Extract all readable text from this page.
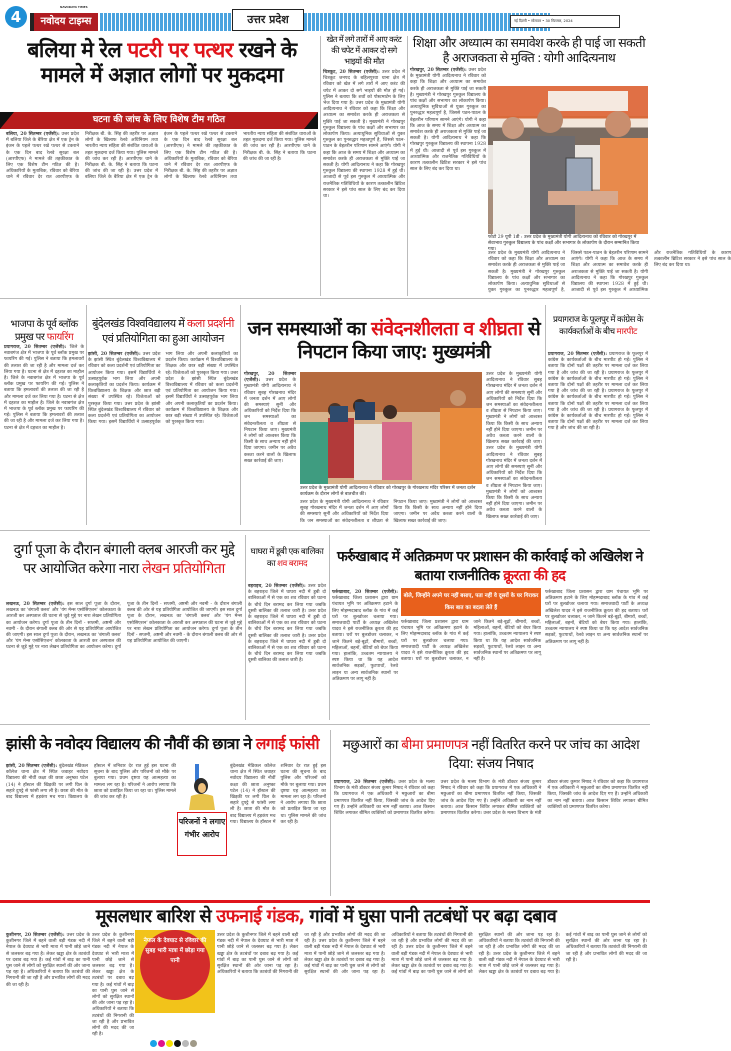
4
NAVODAYA TIMES
नवोदय टाइम्स	उत्तर प्रदेश	नई दिल्ली • सोमवार • 30 सितम्बर, 2024
बलिया मे रेल पटरी पर पत्थर रखने के मामले में अज्ञात लोगों पर मुकदमा
घटना की जांच के लिए विशेष टीम गठित
बलिया, 20 सितम्बर (एजेंसी): उत्तर प्रदेश में बलिया जिले के बैरिया क्षेत्र में एक ट्रेन के इंजन के पहले पत्थर रखे पत्थर से टकराने के एक दिन बाद रेलवे सुरक्षा बल (आरपीएफ) ने मामले की तहकीकात के लिए एक विशेष टीम गठित की है। अधिकारियों के मुताबिक, रविवार को बैरिया थाने में रविवार देर रात आरपीएफ के निरीक्षक बी. के. सिंह की तहरीर पर अज्ञात लोगों के खिलाफ रेलवे अधिनियम तथा भारतीय न्याय संहिता की संबंधित धाराओं के तहत मुकदमा दर्ज किया गया। पुलिस मामले की जांच कर रही है। आरपीएफ थाने के निरीक्षक बी. के. सिंह ने बताया कि घटना की जांच की जा रही है। उत्तर प्रदेश में बलिया जिले के बैरिया क्षेत्र में एक ट्रेन के इंजन के पहले पत्थर रखे पत्थर से टकराने के एक दिन बाद रेलवे सुरक्षा बल (आरपीएफ) ने मामले की तहकीकात के लिए एक विशेष टीम गठित की है। अधिकारियों के मुताबिक, रविवार को बैरिया थाने में रविवार देर रात आरपीएफ के निरीक्षक बी. के. सिंह की तहरीर पर अज्ञात लोगों के खिलाफ रेलवे अधिनियम तथा भारतीय न्याय संहिता की संबंधित धाराओं के तहत मुकदमा दर्ज किया गया। पुलिस मामले की जांच कर रही है। आरपीएफ थाने के निरीक्षक बी. के. सिंह ने बताया कि घटना की जांच की जा रही है।
खेत में लगे तारों में आए करंट की चपेट में आकर दो सगे भाइयों की मौत
चित्रकूट, 20 सितम्बर (एजेंसी): उत्तर प्रदेश में चित्रकूट जनपद के बहिलपुरवा थाना क्षेत्र में रविवार को खेत में लगे तारों में आए करंट की चपेट में आकर दो सगे भाइयों की मौत हो गई। पुलिस ने बताया कि शवों को पोस्टमार्टम के लिए भेज दिया गया है। उत्तर प्रदेश के मुख्यमंत्री योगी आदित्यनाथ ने रविवार को कहा कि शिक्षा और अध्यात्म का समावेश करके ही अराजकता से मुक्ति पाई जा सकती है। मुख्यमंत्री ने गोरखपुर गुरुकुल विद्यालय के पांच कक्षों और सभागार का लोकार्पण किया। अत्याधुनिक सुविधाओं से युक्त गुरुकुल का पुनरुद्धार महत्वपूर्ण है, जिससे पठन-पाठन के बेहतरीन परिणाम सामने आएंगे। योगी ने कहा कि आज के समय में शिक्षा और अध्यात्म का समावेश करके ही अराजकता से मुक्ति पाई जा सकती है। योगी आदित्यनाथ ने कहा कि गोरखपुर गुरुकुल विद्यालय की स्थापना 1928 में हुई थी। आजादी से पूर्व इस गुरुकुल में आध्यात्मिक और राजनैतिक गतिविधियों के कारण तत्कालीन ब्रिटिश सरकार ने इसे पांच साल के लिए बंद कर दिया था।
शिक्षा और अध्यात्म का समावेश करके ही पाई जा सकती है अराजकता से मुक्ति : योगी आदित्यनाथ
गोरखपुर, 20 सितम्बर (एजेंसी): उत्तर प्रदेश के मुख्यमंत्री योगी आदित्यनाथ ने रविवार को कहा कि शिक्षा और अध्यात्म का समावेश करके ही अराजकता से मुक्ति पाई जा सकती है। मुख्यमंत्री ने गोरखपुर गुरुकुल विद्यालय के पांच कक्षों और सभागार का लोकार्पण किया। अत्याधुनिक सुविधाओं से युक्त गुरुकुल का पुनरुद्धार महत्वपूर्ण है, जिससे पठन-पाठन के बेहतरीन परिणाम सामने आएंगे। योगी ने कहा कि आज के समय में शिक्षा और अध्यात्म का समावेश करके ही अराजकता से मुक्ति पाई जा सकती है। योगी आदित्यनाथ ने कहा कि गोरखपुर गुरुकुल विद्यालय की स्थापना 1928 में हुई थी। आजादी से पूर्व इस गुरुकुल में आध्यात्मिक और राजनैतिक गतिविधियों के कारण तत्कालीन ब्रिटिश सरकार ने इसे पांच साल के लिए बंद कर दिया था।
फोटो 29 यूपी 1डी : उत्तर प्रदेश के मुख्यमंत्री योगी आदित्यनाथ को रविवार को गोरखपुर में सेवाभाव गुरुकुल विद्यालय के पांच कक्षों और सभागार के लोकार्पण के दौरान सम्मानित किया गया।
उत्तर प्रदेश के मुख्यमंत्री योगी आदित्यनाथ ने रविवार को कहा कि शिक्षा और अध्यात्म का समावेश करके ही अराजकता से मुक्ति पाई जा सकती है। मुख्यमंत्री ने गोरखपुर गुरुकुल विद्यालय के पांच कक्षों और सभागार का लोकार्पण किया। अत्याधुनिक सुविधाओं से युक्त गुरुकुल का पुनरुद्धार महत्वपूर्ण है, जिससे पठन-पाठन के बेहतरीन परिणाम सामने आएंगे। योगी ने कहा कि आज के समय में शिक्षा और अध्यात्म का समावेश करके ही अराजकता से मुक्ति पाई जा सकती है। योगी आदित्यनाथ ने कहा कि गोरखपुर गुरुकुल विद्यालय की स्थापना 1928 में हुई थी। आजादी से पूर्व इस गुरुकुल में आध्यात्मिक और राजनैतिक गतिविधियों के कारण तत्कालीन ब्रिटिश सरकार ने इसे पांच साल के लिए बंद कर दिया था।
भाजपा के पूर्व ब्लॉक प्रमुख पर फायरिंग
प्रयागराज, 20 सितम्बर (एजेंसी): जिले के नवाबगंज क्षेत्र में भाजपा के पूर्व ब्लॉक प्रमुख पर फायरिंग की गई। पुलिस ने बताया कि हमलावरों की तलाश की जा रही है और मामला दर्ज कर लिया गया है। घटना से क्षेत्र में दहशत का माहौल है। जिले के नवाबगंज क्षेत्र में भाजपा के पूर्व ब्लॉक प्रमुख पर फायरिंग की गई। पुलिस ने बताया कि हमलावरों की तलाश की जा रही है और मामला दर्ज कर लिया गया है। घटना से क्षेत्र में दहशत का माहौल है। जिले के नवाबगंज क्षेत्र में भाजपा के पूर्व ब्लॉक प्रमुख पर फायरिंग की गई। पुलिस ने बताया कि हमलावरों की तलाश की जा रही है और मामला दर्ज कर लिया गया है। घटना से क्षेत्र में दहशत का माहौल है।
बुंदेलखंड विश्वविद्यालय में कला प्रदर्शनी एवं प्रतियोगिता का हुआ आयोजन
झांसी, 20 सितम्बर (एजेंसी): उत्तर प्रदेश के झांसी स्थित बुंदेलखंड विश्वविद्यालय में रविवार को कला प्रदर्शनी एवं प्रतियोगिता का आयोजन किया गया। इसमें विद्यार्थियों ने उत्साहपूर्वक भाग लिया और अपनी कलाकृतियों का प्रदर्शन किया। कार्यक्रम में विश्वविद्यालय के शिक्षक और छात्र बड़ी संख्या में उपस्थित रहे। विजेताओं को पुरस्कृत किया गया। उत्तर प्रदेश के झांसी स्थित बुंदेलखंड विश्वविद्यालय में रविवार को कला प्रदर्शनी एवं प्रतियोगिता का आयोजन किया गया। इसमें विद्यार्थियों ने उत्साहपूर्वक भाग लिया और अपनी कलाकृतियों का प्रदर्शन किया। कार्यक्रम में विश्वविद्यालय के शिक्षक और छात्र बड़ी संख्या में उपस्थित रहे। विजेताओं को पुरस्कृत किया गया। उत्तर प्रदेश के झांसी स्थित बुंदेलखंड विश्वविद्यालय में रविवार को कला प्रदर्शनी एवं प्रतियोगिता का आयोजन किया गया। इसमें विद्यार्थियों ने उत्साहपूर्वक भाग लिया और अपनी कलाकृतियों का प्रदर्शन किया। कार्यक्रम में विश्वविद्यालय के शिक्षक और छात्र बड़ी संख्या में उपस्थित रहे। विजेताओं को पुरस्कृत किया गया।
जन समस्याओं का संवेदनशीलता व शीघ्रता से निपटान किया जाए: मुख्यमंत्री
गोरखपुर, 20 सितम्बर (एजेंसी): उत्तर प्रदेश के मुख्यमंत्री योगी आदित्यनाथ ने रविवार सुबह गोरखनाथ मंदिर में जनता दर्शन में आए लोगों की समस्याएं सुनीं और अधिकारियों को निर्देश दिया कि जन समस्याओं का संवेदनशीलता व शीघ्रता से निपटान किया जाए। मुख्यमंत्री ने लोगों को आश्वस्त किया कि किसी के साथ अन्याय नहीं होने दिया जाएगा। जमीन पर अवैध कब्जा करने वालों के खिलाफ सख्त कार्रवाई की जाए।
उत्तर प्रदेश के मुख्यमंत्री योगी आदित्यनाथ ने रविवार को गोरखपुर के गोरखनाथ मंदिर परिसर में जनता दर्शन कार्यक्रम के दौरान लोगों से बातचीत की।
उत्तर प्रदेश के मुख्यमंत्री योगी आदित्यनाथ ने रविवार सुबह गोरखनाथ मंदिर में जनता दर्शन में आए लोगों की समस्याएं सुनीं और अधिकारियों को निर्देश दिया कि जन समस्याओं का संवेदनशीलता व शीघ्रता से निपटान किया जाए। मुख्यमंत्री ने लोगों को आश्वस्त किया कि किसी के साथ अन्याय नहीं होने दिया जाएगा। जमीन पर अवैध कब्जा करने वालों के खिलाफ सख्त कार्रवाई की जाए।
उत्तर प्रदेश के मुख्यमंत्री योगी आदित्यनाथ ने रविवार सुबह गोरखनाथ मंदिर में जनता दर्शन में आए लोगों की समस्याएं सुनीं और अधिकारियों को निर्देश दिया कि जन समस्याओं का संवेदनशीलता व शीघ्रता से निपटान किया जाए। मुख्यमंत्री ने लोगों को आश्वस्त किया कि किसी के साथ अन्याय नहीं होने दिया जाएगा। जमीन पर अवैध कब्जा करने वालों के खिलाफ सख्त कार्रवाई की जाए। उत्तर प्रदेश के मुख्यमंत्री योगी आदित्यनाथ ने रविवार सुबह गोरखनाथ मंदिर में जनता दर्शन में आए लोगों की समस्याएं सुनीं और अधिकारियों को निर्देश दिया कि जन समस्याओं का संवेदनशीलता व शीघ्रता से निपटान किया जाए। मुख्यमंत्री ने लोगों को आश्वस्त किया कि किसी के साथ अन्याय नहीं होने दिया जाएगा। जमीन पर अवैध कब्जा करने वालों के खिलाफ सख्त कार्रवाई की जाए।
प्रयागराज के फूलपुर में कांग्रेस के कार्यकर्ताओं के बीच मारपीट
प्रयागराज, 20 सितम्बर (एजेंसी): प्रयागराज के फूलपुर में कांग्रेस के कार्यकर्ताओं के बीच मारपीट हो गई। पुलिस ने बताया कि दोनों पक्षों की तहरीर पर मामला दर्ज कर लिया गया है और जांच की जा रही है। प्रयागराज के फूलपुर में कांग्रेस के कार्यकर्ताओं के बीच मारपीट हो गई। पुलिस ने बताया कि दोनों पक्षों की तहरीर पर मामला दर्ज कर लिया गया है और जांच की जा रही है। प्रयागराज के फूलपुर में कांग्रेस के कार्यकर्ताओं के बीच मारपीट हो गई। पुलिस ने बताया कि दोनों पक्षों की तहरीर पर मामला दर्ज कर लिया गया है और जांच की जा रही है। प्रयागराज के फूलपुर में कांग्रेस के कार्यकर्ताओं के बीच मारपीट हो गई। पुलिस ने बताया कि दोनों पक्षों की तहरीर पर मामला दर्ज कर लिया गया है और जांच की जा रही है।
दुर्गा पूजा के दौरान बंगाली क्लब आरजी कर मुद्दे पर आयोजित करेगा नारा लेखन प्रतियोगिता
लखनऊ, 20 सितम्बर (एजेंसी): इस साल दुर्गा पूजा के दौरान, लखनऊ का 'बंगाली क्लब' और 'यंग मेन्स एसोसिएशन' कोलकाता के आरजी कर अस्पताल की घटना से जुड़े मुद्दे पर नारा लेखन प्रतियोगिता का आयोजन करेगा। दुर्गा पूजा के तीन दिनों - सप्तमी, अष्टमी और नवमी - के दौरान बंगाली क्लब की ओर से यह प्रतियोगिता आयोजित की जाएगी। इस साल दुर्गा पूजा के दौरान, लखनऊ का 'बंगाली क्लब' और 'यंग मेन्स एसोसिएशन' कोलकाता के आरजी कर अस्पताल की घटना से जुड़े मुद्दे पर नारा लेखन प्रतियोगिता का आयोजन करेगा। दुर्गा पूजा के तीन दिनों - सप्तमी, अष्टमी और नवमी - के दौरान बंगाली क्लब की ओर से यह प्रतियोगिता आयोजित की जाएगी। इस साल दुर्गा पूजा के दौरान, लखनऊ का 'बंगाली क्लब' और 'यंग मेन्स एसोसिएशन' कोलकाता के आरजी कर अस्पताल की घटना से जुड़े मुद्दे पर नारा लेखन प्रतियोगिता का आयोजन करेगा। दुर्गा पूजा के तीन दिनों - सप्तमी, अष्टमी और नवमी - के दौरान बंगाली क्लब की ओर से यह प्रतियोगिता आयोजित की जाएगी।
घाघरा में डूबी एक बालिका का शव बरामद
बहराइच, 20 सितम्बर (एजेंसी): उत्तर प्रदेश के बहराइच जिले में घाघरा नदी में डूबी दो बालिकाओं में से एक का शव रविवार को घटना के चौथे दिन बरामद कर लिया गया जबकि दूसरी बालिका की तलाश जारी है। उत्तर प्रदेश के बहराइच जिले में घाघरा नदी में डूबी दो बालिकाओं में से एक का शव रविवार को घटना के चौथे दिन बरामद कर लिया गया जबकि दूसरी बालिका की तलाश जारी है। उत्तर प्रदेश के बहराइच जिले में घाघरा नदी में डूबी दो बालिकाओं में से एक का शव रविवार को घटना के चौथे दिन बरामद कर लिया गया जबकि दूसरी बालिका की तलाश जारी है।
फर्रुखाबाद में अतिक्रमण पर प्रशासन की कार्रवाई को अखिलेश ने बताया राजनीतिक क्रूरता की हद
फर्रुखाबाद, 20 सितम्बर (एजेंसी): फर्रुखाबाद जिला प्रशासन द्वारा ग्राम पंचायत भूमि पर अतिक्रमण हटाने के लिए मोहम्मदाबाद ब्लॉक के गांव में कई घरों पर बुलडोजर चलाया गया। समाजवादी पार्टी के अध्यक्ष अखिलेश यादव ने इसे राजनीतिक क्रूरता की हद बताया। घरों पर बुलडोजर चलाकर, न जाने कितने बड़े-बूढ़ों, बीमारों, बच्चों, महिलाओं, बहनों, बेटियों को बेघर किया गया। हालांकि, उच्चतम न्यायालय ने स्पष्ट किया था कि यह आदेश सार्वजनिक सड़कों, फुटपाथों, रेलवे लाइन या अन्य सार्वजनिक स्थानों पर अतिक्रमण पर लागू नहीं है।
बोले, जिन्होंने अपने घर नहीं बसाए, पता नहीं वे दूसरों के घर गिराकर किस बात का बदला लेते हैं
फर्रुखाबाद जिला प्रशासन द्वारा ग्राम पंचायत भूमि पर अतिक्रमण हटाने के लिए मोहम्मदाबाद ब्लॉक के गांव में कई घरों पर बुलडोजर चलाया गया। समाजवादी पार्टी के अध्यक्ष अखिलेश यादव ने इसे राजनीतिक क्रूरता की हद बताया। घरों पर बुलडोजर चलाकर, न जाने कितने बड़े-बूढ़ों, बीमारों, बच्चों, महिलाओं, बहनों, बेटियों को बेघर किया गया। हालांकि, उच्चतम न्यायालय ने स्पष्ट किया था कि यह आदेश सार्वजनिक सड़कों, फुटपाथों, रेलवे लाइन या अन्य सार्वजनिक स्थानों पर अतिक्रमण पर लागू नहीं है।
फर्रुखाबाद जिला प्रशासन द्वारा ग्राम पंचायत भूमि पर अतिक्रमण हटाने के लिए मोहम्मदाबाद ब्लॉक के गांव में कई घरों पर बुलडोजर चलाया गया। समाजवादी पार्टी के अध्यक्ष अखिलेश यादव ने इसे राजनीतिक क्रूरता की हद बताया। घरों पर बुलडोजर चलाकर, न जाने कितने बड़े-बूढ़ों, बीमारों, बच्चों, महिलाओं, बहनों, बेटियों को बेघर किया गया। हालांकि, उच्चतम न्यायालय ने स्पष्ट किया था कि यह आदेश सार्वजनिक सड़कों, फुटपाथों, रेलवे लाइन या अन्य सार्वजनिक स्थानों पर अतिक्रमण पर लागू नहीं है।
झांसी के नवोदय विद्यालय की नौवीं की छात्रा ने लगाई फांसी
झांसी, 20 सितम्बर (एजेंसी): बुंदेलखंड मेडिकल कॉलेज थाना क्षेत्र में स्थित जवाहर नवोदय विद्यालय की नौवीं कक्षा की छात्रा अनुष्का पटेल (14) ने हॉस्टल की खिड़की पर लगी ग्रिल के सहारे दुपट्टे से फांसी लगा ली है। छात्रा की मौत के बाद विद्यालय में हड़कंप मच गया। विद्यालय के हॉस्टल में शनिवार देर रात हुई इस घटना की सूचना के बाद पुलिस और परिजनों को मौके पर बुलाया गया। प्रथम दृष्टया यह आत्महत्या का मामला लग रहा है। परिजनों ने आरोप लगाया कि छात्रा को प्रताड़ित किया जा रहा था। पुलिस मामले की जांच कर रही है।
परिजनों ने लगाए गंभीर आरोप
बुंदेलखंड मेडिकल कॉलेज थाना क्षेत्र में स्थित जवाहर नवोदय विद्यालय की नौवीं कक्षा की छात्रा अनुष्का पटेल (14) ने हॉस्टल की खिड़की पर लगी ग्रिल के सहारे दुपट्टे से फांसी लगा ली है। छात्रा की मौत के बाद विद्यालय में हड़कंप मच गया। विद्यालय के हॉस्टल में शनिवार देर रात हुई इस घटना की सूचना के बाद पुलिस और परिजनों को मौके पर बुलाया गया। प्रथम दृष्टया यह आत्महत्या का मामला लग रहा है। परिजनों ने आरोप लगाया कि छात्रा को प्रताड़ित किया जा रहा था। पुलिस मामले की जांच कर रही है।
मछुआरों का बीमा प्रमाणपत्र नहीं वितरित करने पर जांच का आदेश दिया: संजय निषाद
प्रयागराज, 20 सितम्बर (एजेंसी): उत्तर प्रदेश के मत्स्य विभाग के मंत्री डॉक्टर संजय कुमार निषाद ने रविवार को कहा कि प्रयागराज में एक अधिकारी ने मछुआरों का बीमा प्रमाणपत्र वितरित नहीं किया, जिसकी जांच के आदेश दिए गए हैं। उन्होंने अधिकारी का नाम नहीं बताया। आज किसान शिविर लगाकर बीमित व्यक्तियों को प्रमाणपत्र वितरित करेगा। उत्तर प्रदेश के मत्स्य विभाग के मंत्री डॉक्टर संजय कुमार निषाद ने रविवार को कहा कि प्रयागराज में एक अधिकारी ने मछुआरों का बीमा प्रमाणपत्र वितरित नहीं किया, जिसकी जांच के आदेश दिए गए हैं। उन्होंने अधिकारी का नाम नहीं बताया। आज किसान शिविर लगाकर बीमित व्यक्तियों को प्रमाणपत्र वितरित करेगा। उत्तर प्रदेश के मत्स्य विभाग के मंत्री डॉक्टर संजय कुमार निषाद ने रविवार को कहा कि प्रयागराज में एक अधिकारी ने मछुआरों का बीमा प्रमाणपत्र वितरित नहीं किया, जिसकी जांच के आदेश दिए गए हैं। उन्होंने अधिकारी का नाम नहीं बताया। आज किसान शिविर लगाकर बीमित व्यक्तियों को प्रमाणपत्र वितरित करेगा।
मूसलधार बारिश से उफनाई गंडक, गांवों में घुसा पानी तटबंधों पर बढ़ा दबाव
कुशीनगर, 20 सितम्बर (एजेंसी): उत्तर प्रदेश के कुशीनगर जिले में बहने वाली बड़ी गंडक नदी में नेपाल के देवघाट से भारी मात्रा में पानी छोड़े जाने से जलस्तर बढ़ गया है। लेकर खड्डा क्षेत्र के तटबंधों पर दबाव बढ़ गया है। कई गांवों में बाढ़ का पानी घुस जाने से लोगों को सुरक्षित स्थानों की ओर जाना पड़ रहा है। अधिकारियों ने बताया कि तटबंधों की निगरानी की जा रही है और प्रभावित लोगों की मदद की जा रही है।
नेपाल के देवघाट से रविवार की सुबह भारी मात्रा में छोड़ा गया पानी
उत्तर प्रदेश के कुशीनगर जिले में बहने वाली बड़ी गंडक नदी में नेपाल के देवघाट से भारी मात्रा में पानी छोड़े जाने से जलस्तर बढ़ गया है। लेकर खड्डा क्षेत्र के तटबंधों पर दबाव बढ़ गया है। कई गांवों में बाढ़ का पानी घुस जाने से लोगों को सुरक्षित स्थानों की ओर जाना पड़ रहा है। अधिकारियों ने बताया कि तटबंधों की निगरानी की जा रही है और प्रभावित लोगों की मदद की जा रही है।
उत्तर प्रदेश के कुशीनगर जिले में बहने वाली बड़ी गंडक नदी में नेपाल के देवघाट से भारी मात्रा में पानी छोड़े जाने से जलस्तर बढ़ गया है। लेकर खड्डा क्षेत्र के तटबंधों पर दबाव बढ़ गया है। कई गांवों में बाढ़ का पानी घुस जाने से लोगों को सुरक्षित स्थानों की ओर जाना पड़ रहा है। अधिकारियों ने बताया कि तटबंधों की निगरानी की जा रही है और प्रभावित लोगों की मदद की जा रही है। उत्तर प्रदेश के कुशीनगर जिले में बहने वाली बड़ी गंडक नदी में नेपाल के देवघाट से भारी मात्रा में पानी छोड़े जाने से जलस्तर बढ़ गया है। लेकर खड्डा क्षेत्र के तटबंधों पर दबाव बढ़ गया है। कई गांवों में बाढ़ का पानी घुस जाने से लोगों को सुरक्षित स्थानों की ओर जाना पड़ रहा है। अधिकारियों ने बताया कि तटबंधों की निगरानी की जा रही है और प्रभावित लोगों की मदद की जा रही है। उत्तर प्रदेश के कुशीनगर जिले में बहने वाली बड़ी गंडक नदी में नेपाल के देवघाट से भारी मात्रा में पानी छोड़े जाने से जलस्तर बढ़ गया है। लेकर खड्डा क्षेत्र के तटबंधों पर दबाव बढ़ गया है। कई गांवों में बाढ़ का पानी घुस जाने से लोगों को सुरक्षित स्थानों की ओर जाना पड़ रहा है। अधिकारियों ने बताया कि तटबंधों की निगरानी की जा रही है और प्रभावित लोगों की मदद की जा रही है। उत्तर प्रदेश के कुशीनगर जिले में बहने वाली बड़ी गंडक नदी में नेपाल के देवघाट से भारी मात्रा में पानी छोड़े जाने से जलस्तर बढ़ गया है। लेकर खड्डा क्षेत्र के तटबंधों पर दबाव बढ़ गया है। कई गांवों में बाढ़ का पानी घुस जाने से लोगों को सुरक्षित स्थानों की ओर जाना पड़ रहा है। अधिकारियों ने बताया कि तटबंधों की निगरानी की जा रही है और प्रभावित लोगों की मदद की जा रही है।
